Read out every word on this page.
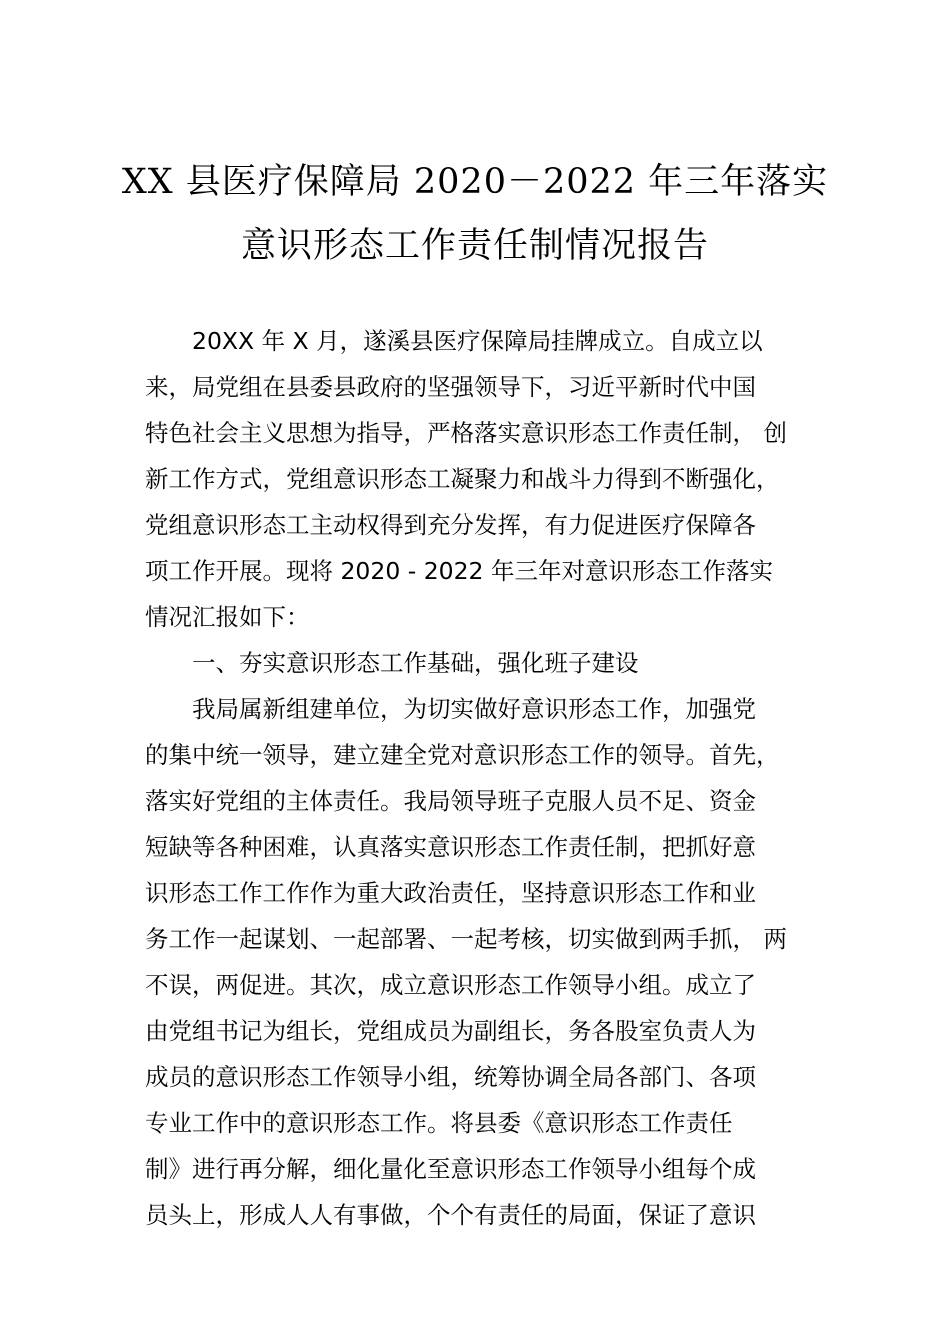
XX 县医疗保障局 2020－2022 年三年落实
意识形态工作责任制情况报告
20XX 年 X 月，遂溪县医疗保障局挂牌成立。自成立以
来，局党组在县委县政府的坚强领导下，习近平新时代中国
特色社会主义思想为指导，严格落实意识形态工作责任制， 创
新工作方式，党组意识形态工凝聚力和战斗力得到不断强化，
党组意识形态工主动权得到充分发挥，有力促进医疗保障各
项工作开展。现将 2020 - 2022 年三年对意识形态工作落实
情况汇报如下：
一、夯实意识形态工作基础，强化班子建设
我局属新组建单位，为切实做好意识形态工作，加强党
的集中统一领导，建立建全党对意识形态工作的领导。首先，
落实好党组的主体责任。我局领导班子克服人员不足、资金
短缺等各种困难，认真落实意识形态工作责任制，把抓好意
识形态工作工作作为重大政治责任，坚持意识形态工作和业
务工作一起谋划、一起部署、一起考核，切实做到两手抓， 两
不误，两促进。其次，成立意识形态工作领导小组。成立了
由党组书记为组长，党组成员为副组长，务各股室负责人为
成员的意识形态工作领导小组，统筹协调全局各部门、各项
专业工作中的意识形态工作。将县委《意识形态工作责任
制》进行再分解，细化量化至意识形态工作领导小组每个成
员头上，形成人人有事做，个个有责任的局面，保证了意识
